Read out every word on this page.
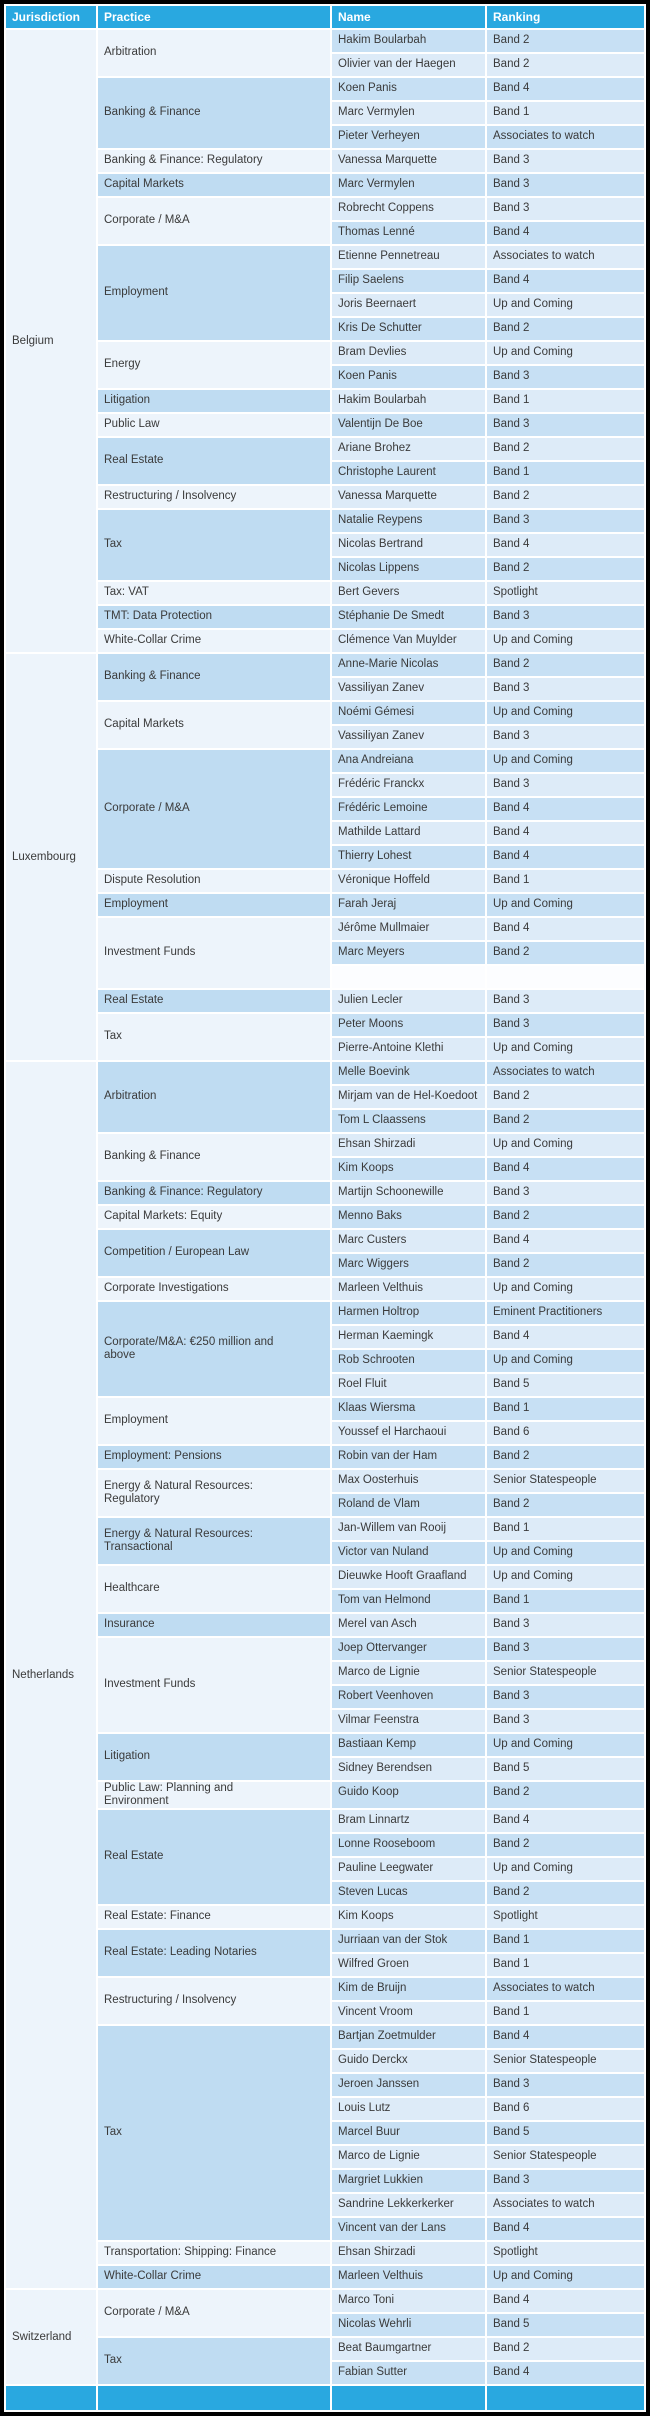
Jurisdiction	Practice	Name	Ranking
Belgium	Arbitration	Hakim Boularbah	Band 2
		Olivier van der Haegen	Band 2
	Banking & Finance	Koen Panis	Band 4
		Marc Vermylen	Band 1
		Pieter Verheyen	Associates to watch
	Banking & Finance: Regulatory	Vanessa Marquette	Band 3
	Capital Markets	Marc Vermylen	Band 3
	Corporate / M&A	Robrecht Coppens	Band 3
		Thomas Lenné	Band 4
	Employment	Etienne Pennetreau	Associates to watch
		Filip Saelens	Band 4
		Joris Beernaert	Up and Coming
		Kris De Schutter	Band 2
	Energy	Bram Devlies	Up and Coming
		Koen Panis	Band 3
	Litigation	Hakim Boularbah	Band 1
	Public Law	Valentijn De Boe	Band 3
	Real Estate	Ariane Brohez	Band 2
		Christophe Laurent	Band 1
	Restructuring / Insolvency	Vanessa Marquette	Band 2
	Tax	Natalie Reypens	Band 3
		Nicolas Bertrand	Band 4
		Nicolas Lippens	Band 2
	Tax: VAT	Bert Gevers	Spotlight
	TMT: Data Protection	Stéphanie De Smedt	Band 3
	White-Collar Crime	Clémence Van Muylder	Up and Coming
Luxembourg	Banking & Finance	Anne-Marie Nicolas	Band 2
		Vassiliyan Zanev	Band 3
	Capital Markets	Noémi Gémesi	Up and Coming
		Vassiliyan Zanev	Band 3
	Corporate / M&A	Ana Andreiana	Up and Coming
		Frédéric Franckx	Band 3
		Frédéric Lemoine	Band 4
		Mathilde Lattard	Band 4
		Thierry Lohest	Band 4
	Dispute Resolution	Véronique Hoffeld	Band 1
	Employment	Farah Jeraj	Up and Coming
	Investment Funds	Jérôme Mullmaier	Band 4
		Marc Meyers	Band 2

	Real Estate	Julien Lecler	Band 3
	Tax	Peter Moons	Band 3
		Pierre-Antoine Klethi	Up and Coming
Netherlands	Arbitration	Melle Boevink	Associates to watch
		Mirjam van de Hel-Koedoot	Band 2
		Tom L Claassens	Band 2
	Banking & Finance	Ehsan Shirzadi	Up and Coming
		Kim Koops	Band 4
	Banking & Finance: Regulatory	Martijn Schoonewille	Band 3
	Capital Markets: Equity	Menno Baks	Band 2
	Competition / European Law	Marc Custers	Band 4
		Marc Wiggers	Band 2
	Corporate Investigations	Marleen Velthuis	Up and Coming
	Corporate/M&A: €250 million and above	Harmen Holtrop	Eminent Practitioners
		Herman Kaemingk	Band 4
		Rob Schrooten	Up and Coming
		Roel Fluit	Band 5
	Employment	Klaas Wiersma	Band 1
		Youssef el Harchaoui	Band 6
	Employment: Pensions	Robin van der Ham	Band 2
	Energy & Natural Resources: Regulatory	Max Oosterhuis	Senior Statespeople
		Roland de Vlam	Band 2
	Energy & Natural Resources: Transactional	Jan-Willem van Rooij	Band 1
		Victor van Nuland	Up and Coming
	Healthcare	Dieuwke Hooft Graafland	Up and Coming
		Tom van Helmond	Band 1
	Insurance	Merel van Asch	Band 3
	Investment Funds	Joep Ottervanger	Band 3
		Marco de Lignie	Senior Statespeople
		Robert Veenhoven	Band 3
		Vilmar Feenstra	Band 3
	Litigation	Bastiaan Kemp	Up and Coming
		Sidney Berendsen	Band 5
	Public Law: Planning and Environment	Guido Koop	Band 2
	Real Estate	Bram Linnartz	Band 4
		Lonne Rooseboom	Band 2
		Pauline Leegwater	Up and Coming
		Steven Lucas	Band 2
	Real Estate: Finance	Kim Koops	Spotlight
	Real Estate: Leading Notaries	Jurriaan van der Stok	Band 1
		Wilfred Groen	Band 1
	Restructuring / Insolvency	Kim de Bruijn	Associates to watch
		Vincent Vroom	Band 1
	Tax	Bartjan Zoetmulder	Band 4
		Guido Derckx	Senior Statespeople
		Jeroen Janssen	Band 3
		Louis Lutz	Band 6
		Marcel Buur	Band 5
		Marco de Lignie	Senior Statespeople
		Margriet Lukkien	Band 3
		Sandrine Lekkerkerker	Associates to watch
		Vincent van der Lans	Band 4
	Transportation: Shipping: Finance	Ehsan Shirzadi	Spotlight
	White-Collar Crime	Marleen Velthuis	Up and Coming
Switzerland	Corporate / M&A	Marco Toni	Band 4
		Nicolas Wehrli	Band 5
	Tax	Beat Baumgartner	Band 2
		Fabian Sutter	Band 4
